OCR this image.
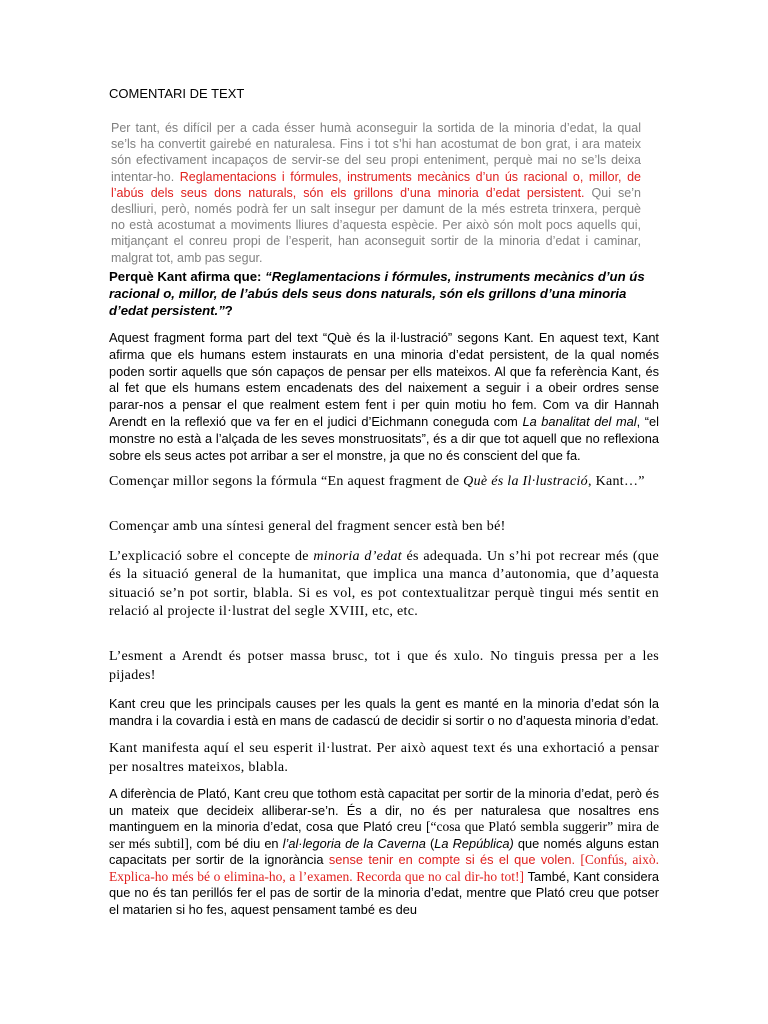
COMENTARI DE TEXT

Per tant, és difícil per a cada ésser humà aconseguir la sortida de la minoria d’edat, la qual se’ls ha convertit gairebé en naturalesa. Fins i tot s’hi han acostumat de bon grat, i ara mateix són efectivament incapaços de servir-se del seu propi enteniment, perquè mai no se’ls deixa intentar-ho. Reglamentacions i fórmules, instruments mecànics d’un ús racional o, millor, de l’abús dels seus dons naturals, són els grillons d’una minoria d’edat persistent. Qui se’n deslliuri, però, només podrà fer un salt insegur per damunt de la més estreta trinxera, perquè no està acostumat a moviments lliures d’aquesta espècie. Per això són molt pocs aquells qui, mitjançant el conreu propi de l’esperit, han aconseguit sortir de la minoria d’edat i caminar, malgrat tot, amb pas segur.

Perquè Kant afirma que: “Reglamentacions i fórmules, instruments mecànics d’un ús racional o, millor, de l’abús dels seus dons naturals, són els grillons d’una minoria d’edat persistent.”?

Aquest fragment forma part del text “Què és la il·lustració” segons Kant. En aquest text, Kant afirma que els humans estem instaurats en una minoria d’edat persistent, de la qual només poden sortir aquells que són capaços de pensar per ells mateixos. Al que fa referència Kant, és al fet que els humans estem encadenats des del naixement a seguir i a obeir ordres sense parar-nos a pensar el que realment estem fent i per quin motiu ho fem. Com va dir Hannah Arendt en la reflexió que va fer en el judici d’Eichmann coneguda com La banalitat del mal, “el monstre no està a l’alçada de les seves monstruositats”, és a dir que tot aquell que no reflexiona sobre els seus actes pot arribar a ser el monstre, ja que no és conscient del que fa.

Començar millor segons la fórmula “En aquest fragment de Què és la Il·lustració, Kant…”

Començar amb una síntesi general del fragment sencer està ben bé!

L’explicació sobre el concepte de minoria d’edat és adequada. Un s’hi pot recrear més (que és la situació general de la humanitat, que implica una manca d’autonomia, que d’aquesta situació se’n pot sortir, blabla. Si es vol, es pot contextualitzar perquè tingui més sentit en relació al projecte il·lustrat del segle XVIII, etc, etc.

L’esment a Arendt és potser massa brusc, tot i que és xulo. No tinguis pressa per a les pijades!

Kant creu que les principals causes per les quals la gent es manté en la minoria d’edat són la mandra i la covardia i està en mans de cadascú de decidir si sortir o no d’aquesta minoria d’edat.

Kant manifesta aquí el seu esperit il·lustrat. Per això aquest text és una exhortació a pensar per nosaltres mateixos, blabla.

A diferència de Plató, Kant creu que tothom està capacitat per sortir de la minoria d’edat, però és un mateix que decideix alliberar-se’n. És a dir, no és per naturalesa que nosaltres ens mantinguem en la minoria d’edat, cosa que Plató creu [“cosa que Plató sembla suggerir” mira de ser més subtil], com bé diu en l’al·legoria de la Caverna (La República) que només alguns estan capacitats per sortir de la ignorància sense tenir en compte si és el que volen. [Confús, això. Explica-ho més bé o elimina-ho, a l’examen. Recorda que no cal dir-ho tot!] També, Kant considera que no és tan perillós fer el pas de sortir de la minoria d’edat, mentre que Plató creu que potser el matarien si ho fes, aquest pensament també es deu
